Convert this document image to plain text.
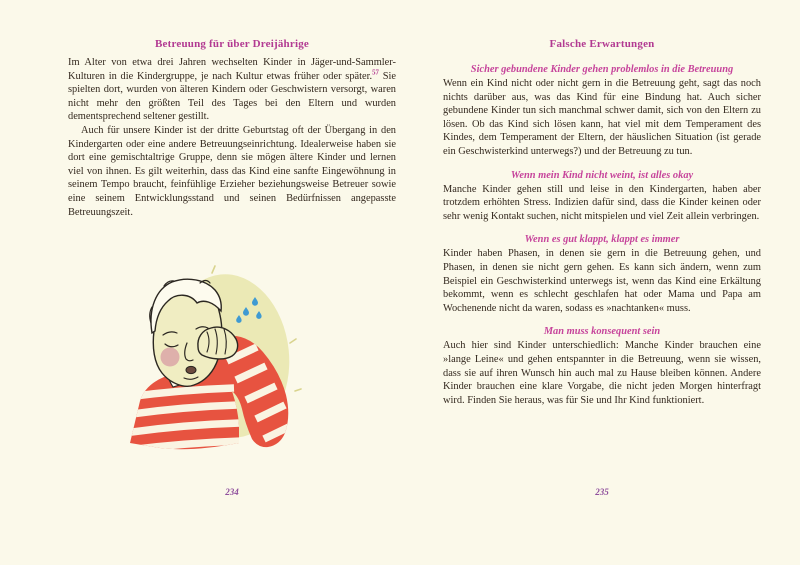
Betreuung für über Dreijährige

Im Alter von etwa drei Jahren wechselten Kinder in Jäger-und-Sammler-Kulturen in die Kindergruppe, je nach Kultur etwas früher oder später.$^{57}$ Sie spielten dort, wurden von älteren Kindern oder Geschwistern versorgt, waren nicht mehr den größten Teil des Tages bei den Eltern und wurden dementsprechend seltener gestillt.

Auch für unsere Kinder ist der dritte Geburtstag oft der Übergang in den Kindergarten oder eine andere Betreuungseinrichtung. Idealerweise haben sie dort eine gemischtaltrige Gruppe, denn sie mögen ältere Kinder und lernen viel von ihnen. Es gilt weiterhin, dass das Kind eine sanfte Eingewöhnung in seinem Tempo braucht, feinfühlige Erzieher beziehungsweise Betreuer sowie eine seinem Entwicklungsstand und seinen Bedürfnissen angepasste Betreuungszeit.

234
Falsche Erwartungen
Sicher gebundene Kinder gehen problemlos in die Betreuung

Wenn ein Kind nicht oder nicht gern in die Betreuung geht, sagt das noch nichts darüber aus, was das Kind für eine Bindung hat. Auch sicher gebundene Kinder tun sich manchmal schwer damit, sich von den Eltern zu lösen. Ob das Kind sich lösen kann, hat viel mit dem Temperament des Kindes, dem Temperament der Eltern, der häuslichen Situation (ist gerade ein Geschwisterkind unterwegs?) und der Betreuung zu tun.

Wenn mein Kind nicht weint, ist alles okay

Manche Kinder gehen still und leise in den Kindergarten, haben aber trotzdem erhöhten Stress. Indizien dafür sind, dass die Kinder keinen oder sehr wenig Kontakt suchen, nicht mitspielen und viel Zeit allein verbringen.

Wenn es gut klappt, klappt es immer

Kinder haben Phasen, in denen sie gern in die Betreuung gehen, und Phasen, in denen sie nicht gern gehen. Es kann sich ändern, wenn zum Beispiel ein Geschwisterkind unterwegs ist, wenn das Kind eine Erkältung bekommt, wenn es schlecht geschlafen hat oder Mama und Papa am Wochenende nicht da waren, sodass es »nachtanken« muss.

Man muss konsequent sein

Auch hier sind Kinder unterschiedlich: Manche Kinder brauchen eine »lange Leine« und gehen entspannter in die Betreuung, wenn sie wissen, dass sie auf ihren Wunsch hin auch mal zu Hause bleiben können. Andere Kinder brauchen eine klare Vorgabe, die nicht jeden Morgen hinterfragt wird. Finden Sie heraus, was für Sie und Ihr Kind funktioniert.

235
